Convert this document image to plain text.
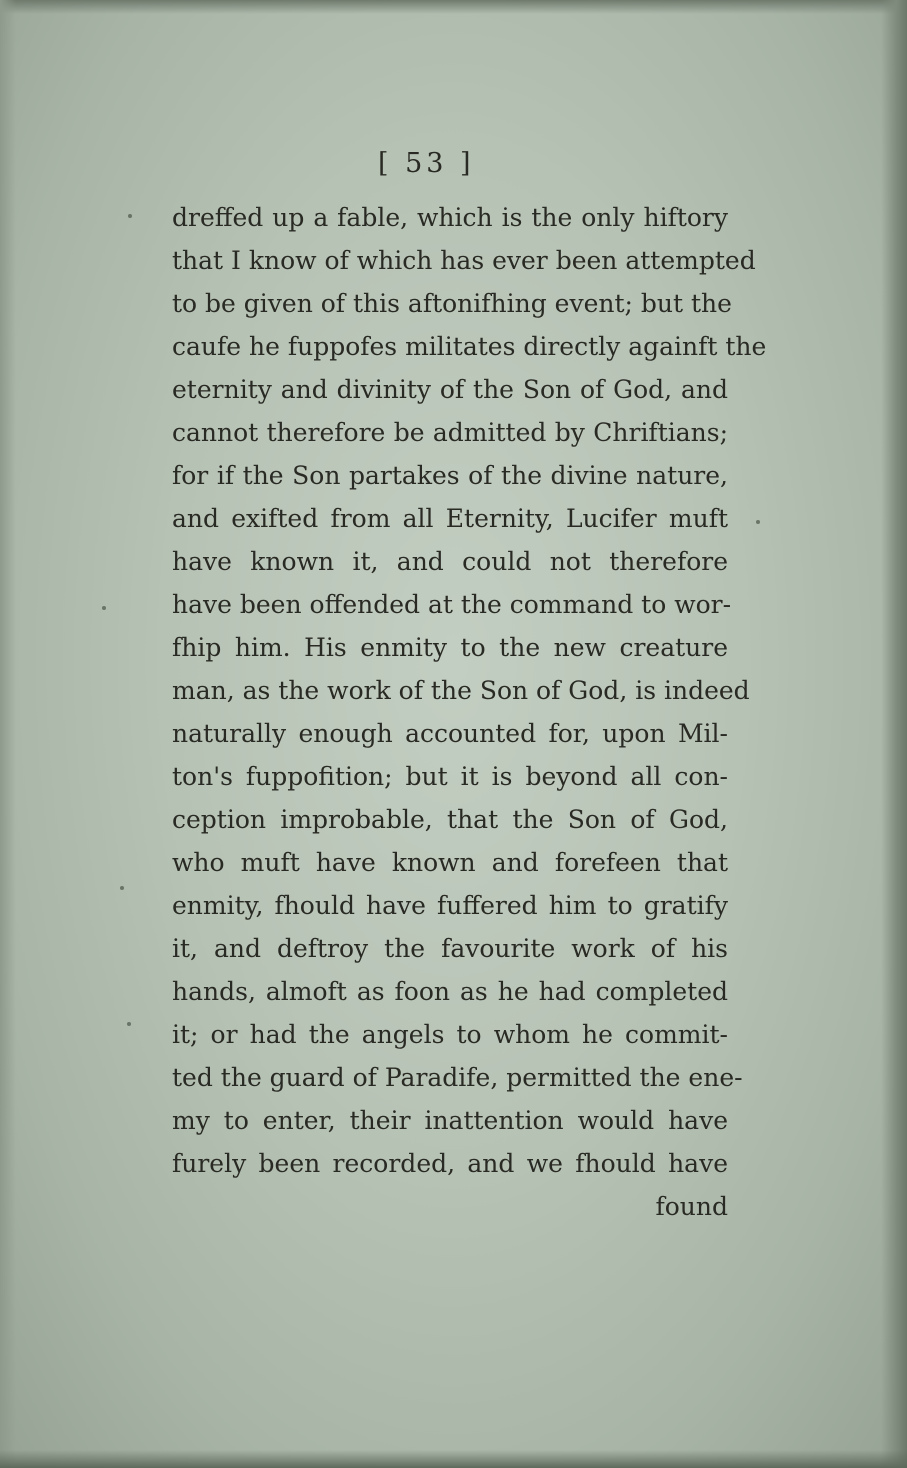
[ 53 ]
dreffed up a fable, which is the only hiftory
that I know of which has ever been attempted
to be given of this aftonifhing event; but the
caufe he fuppofes militates directly againft the
eternity and divinity of the Son of God, and
cannot therefore be admitted by Chriftians;
for if the Son partakes of the divine nature,
and exifted from all Eternity, Lucifer muft
have known it, and could not therefore
have been offended at the command to wor-
fhip him. His enmity to the new creature
man, as the work of the Son of God, is indeed
naturally enough accounted for, upon Mil-
ton's fuppofition; but it is beyond all con-
ception improbable, that the Son of God,
who muft have known and forefeen that
enmity, fhould have fuffered him to gratify
it, and deftroy the favourite work of his
hands, almoft as foon as he had completed
it; or had the angels to whom he commit-
ted the guard of Paradife, permitted the ene-
my to enter, their inattention would have
furely been recorded, and we fhould have
found
